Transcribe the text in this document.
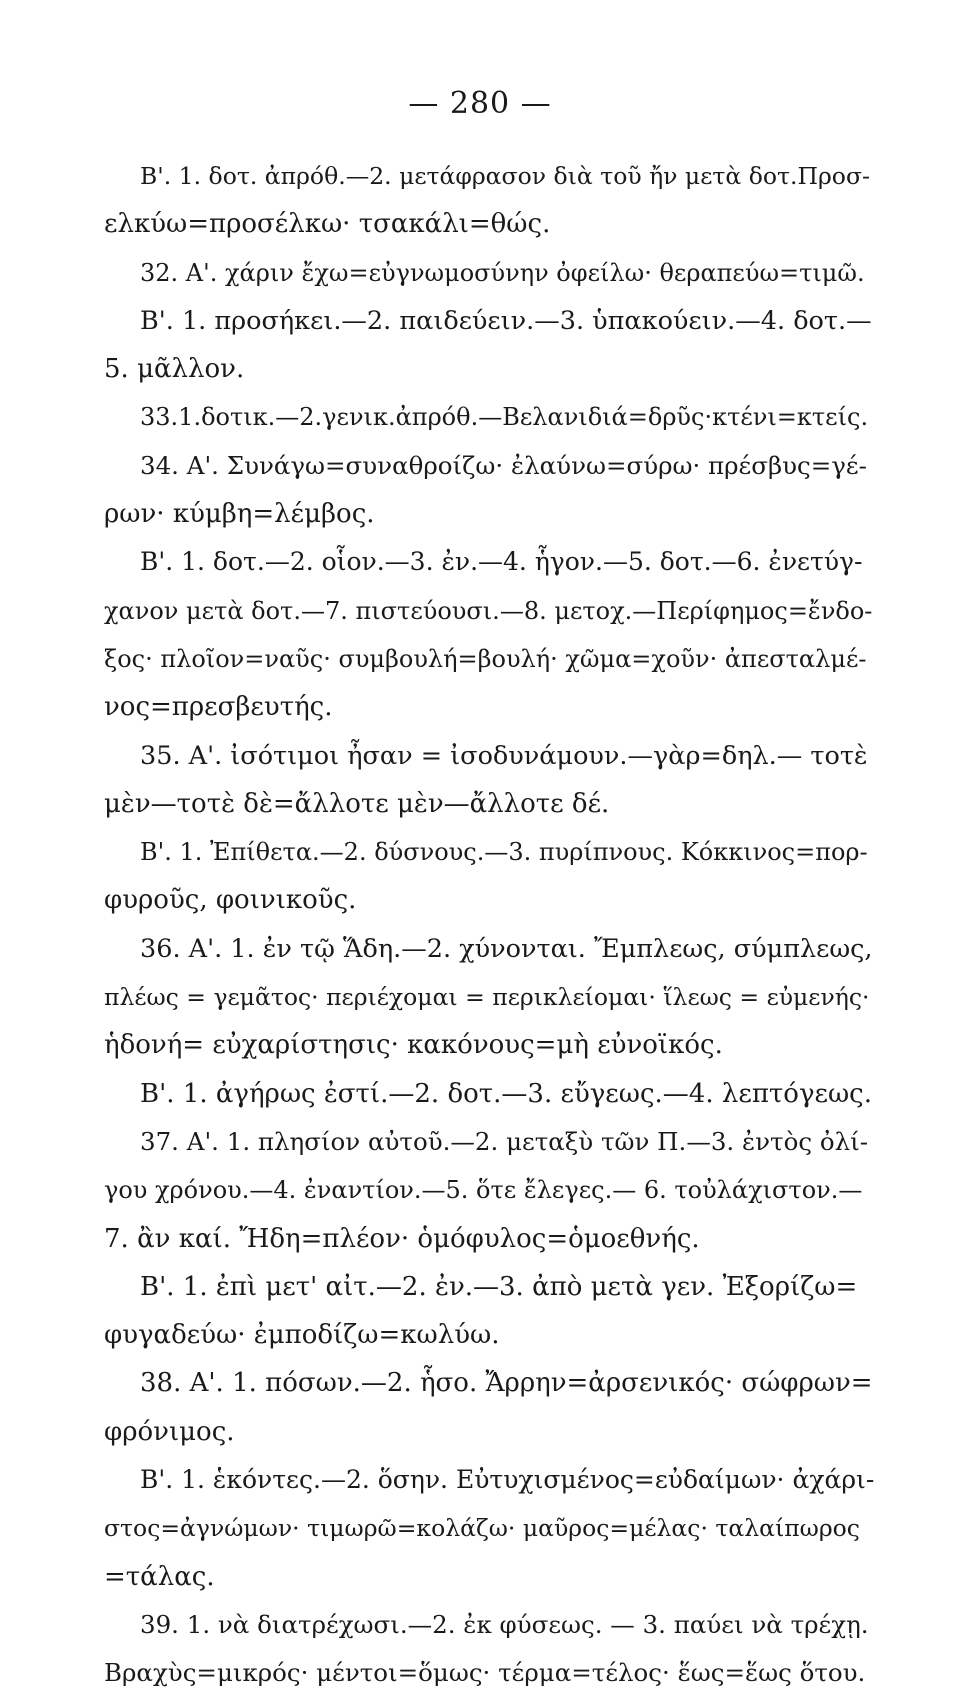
— 280 —
Β'. 1. δοτ. ἀπρόθ.—2. μετάφρασον διὰ τοῦ ἤν μετὰ δοτ.Προσ-
ελκύω=προσέλκω· τσακάλι=θώς.
32. Α'. χάριν ἔχω=εὐγνωμοσύνην ὀφείλω· θεραπεύω=τιμῶ.
Β'. 1. προσήκει.—2. παιδεύειν.—3. ὑπακούειν.—4. δοτ.—
5. μᾶλλον.
33.1.δοτικ.—2.γενικ.ἀπρόθ.—Βελανιδιά=δρῦς·κτένι=κτείς.
34. Α'. Συνάγω=συναθροίζω· ἐλαύνω=σύρω· πρέσβυς=γέ-
ρων· κύμβη=λέμβος.
Β'. 1. δοτ.—2. οἷον.—3. ἐν.—4. ἧγον.—5. δοτ.—6. ἐνετύγ-
χανον μετὰ δοτ.—7. πιστεύουσι.—8. μετοχ.—Περίφημος=ἔνδο-
ξος· πλοῖον=ναῦς· συμβουλή=βουλή· χῶμα=χοῦν· ἀπεσταλμέ-
νος=πρεσβευτής.
35. Α'. ἰσότιμοι ἦσαν = ἰσοδυνάμουν.—γὰρ=δηλ.— τοτὲ
μὲν—τοτὲ δὲ=ἄλλοτε μὲν—ἄλλοτε δέ.
Β'. 1. Ἐπίθετα.—2. δύσνους.—3. πυρίπνους. Κόκκινος=πορ-
φυροῦς, φοινικοῦς.
36. Α'. 1. ἐν τῷ Ἅδη.—2. χύνονται. Ἔμπλεως, σύμπλεως,
πλέως = γεμᾶτος· περιέχομαι = περικλείομαι· ἵλεως = εὐμενής·
ἡδονή= εὐχαρίστησις· κακόνους=μὴ εὐνοϊκός.
Β'. 1. ἀγήρως ἐστί.—2. δοτ.—3. εὔγεως.—4. λεπτόγεως.
37. Α'. 1. πλησίον αὐτοῦ.—2. μεταξὺ τῶν Π.—3. ἐντὸς ὀλί-
γου χρόνου.—4. ἐναντίον.—5. ὅτε ἔλεγες.— 6. τοὐλάχιστον.—
7. ἂν καί. Ἤδη=πλέον· ὁμόφυλος=ὁμοεθνής.
Β'. 1. ἐπὶ μετ' αἰτ.—2. ἐν.—3. ἀπὸ μετὰ γεν. Ἐξορίζω=
φυγαδεύω· ἐμποδίζω=κωλύω.
38. Α'. 1. πόσων.—2. ἧσο. Ἄρρην=ἀρσενικός· σώφρων=
φρόνιμος.
Β'. 1. ἑκόντες.—2. ὅσην. Εὐτυχισμένος=εὐδαίμων· ἀχάρι-
στος=ἀγνώμων· τιμωρῶ=κολάζω· μαῦρος=μέλας· ταλαίπωρος
=τάλας.
39. 1. νὰ διατρέχωσι.—2. ἐκ φύσεως. — 3. παύει νὰ τρέχῃ.
Βραχὺς=μικρός· μέντοι=ὅμως· τέρμα=τέλος· ἕως=ἕως ὅτου.
